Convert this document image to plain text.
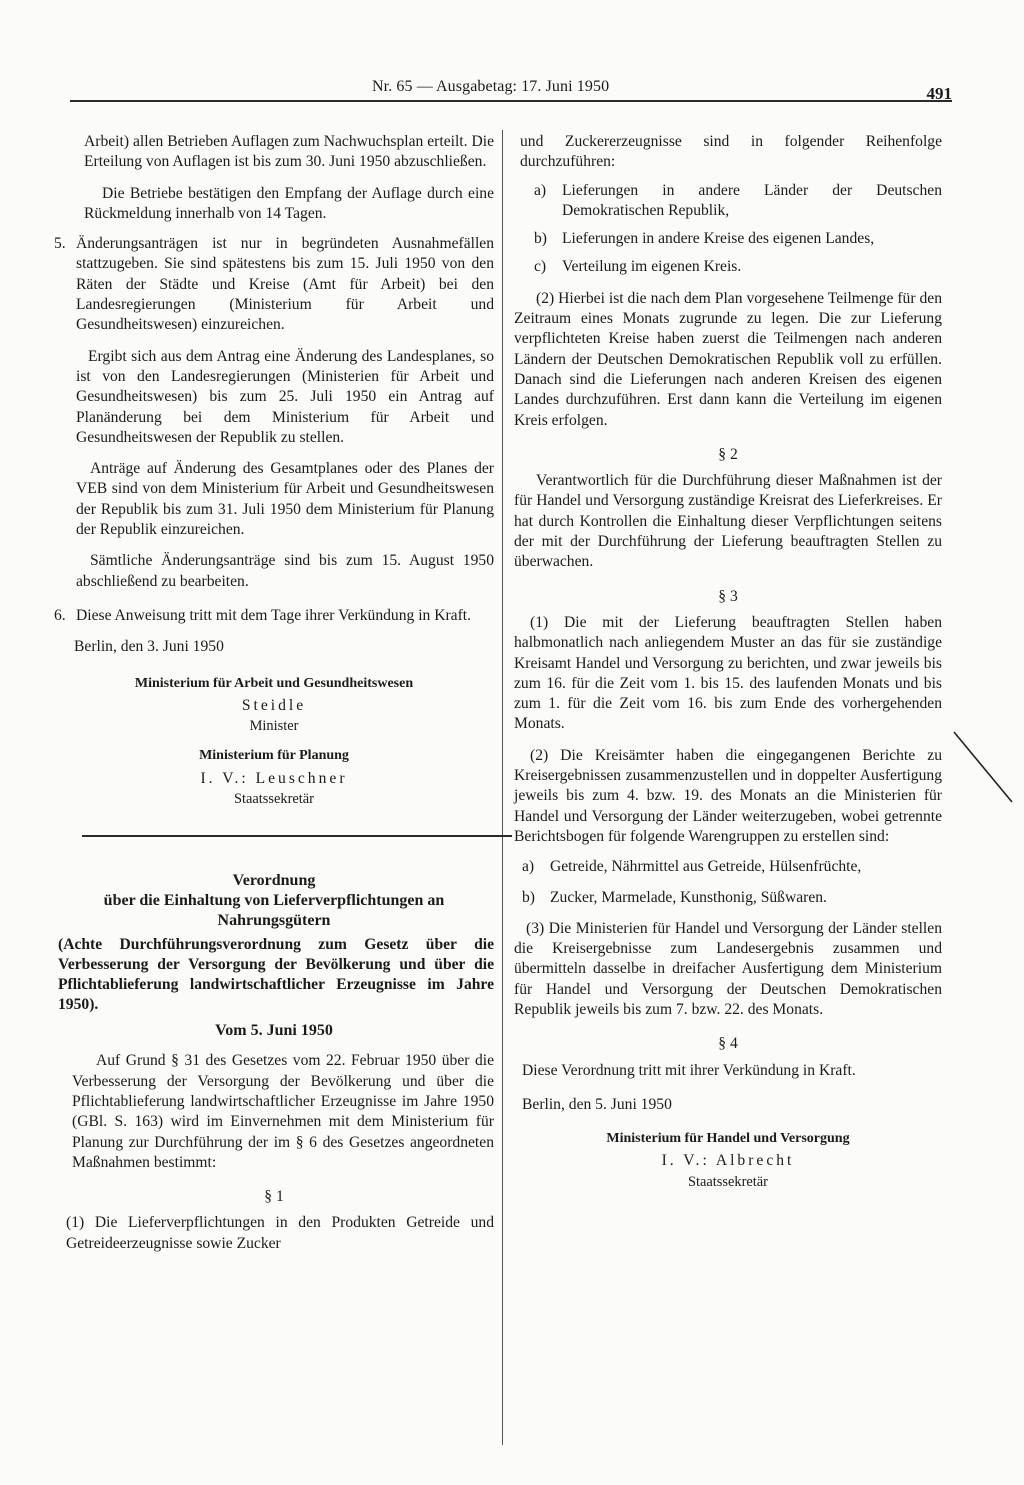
Nr. 65 — Ausgabetag: 17. Juni 1950	491

Arbeit) allen Betrieben Auflagen zum Nachwuchsplan erteilt. Die Erteilung von Auflagen ist bis zum 30. Juni 1950 abzuschließen.

Die Betriebe bestätigen den Empfang der Auflage durch eine Rückmeldung innerhalb von 14 Tagen.

5. Änderungsanträgen ist nur in begründeten Ausnahmefällen stattzugeben. Sie sind spätestens bis zum 15. Juli 1950 von den Räten der Städte und Kreise (Amt für Arbeit) bei den Landesregierungen (Ministerium für Arbeit und Gesundheitswesen) einzureichen.

Ergibt sich aus dem Antrag eine Änderung des Landesplanes, so ist von den Landesregierungen (Ministerien für Arbeit und Gesundheitswesen) bis zum 25. Juli 1950 ein Antrag auf Planänderung bei dem Ministerium für Arbeit und Gesundheitswesen der Republik zu stellen.

Anträge auf Änderung des Gesamtplanes oder des Planes der VEB sind von dem Ministerium für Arbeit und Gesundheitswesen der Republik bis zum 31. Juli 1950 dem Ministerium für Planung der Republik einzureichen.

Sämtliche Änderungsanträge sind bis zum 15. August 1950 abschließend zu bearbeiten.

6. Diese Anweisung tritt mit dem Tage ihrer Verkündung in Kraft.

Berlin, den 3. Juni 1950

Ministerium für Arbeit und Gesundheitswesen
Steidle
Minister
Ministerium für Planung
I. V.: Leuschner
Staatssekretär
Verordnung
über die Einhaltung von Lieferverpflichtungen an Nahrungsgütern
(Achte Durchführungsverordnung zum Gesetz über die Verbesserung der Versorgung der Bevölkerung und über die Pflichtablieferung landwirtschaftlicher Erzeugnisse im Jahre 1950).
Vom 5. Juni 1950

Auf Grund § 31 des Gesetzes vom 22. Februar 1950 über die Verbesserung der Versorgung der Bevölkerung und über die Pflichtablieferung landwirtschaftlicher Erzeugnisse im Jahre 1950 (GBl. S. 163) wird im Einvernehmen mit dem Ministerium für Planung zur Durchführung der im § 6 des Gesetzes angeordneten Maßnahmen bestimmt:

§ 1

(1) Die Lieferverpflichtungen in den Produkten Getreide und Getreideerzeugnisse sowie Zucker

und Zuckererzeugnisse sind in folgender Reihenfolge durchzuführen:

a)	Lieferungen in andere Länder der Deutschen Demokratischen Republik,
b) Lieferungen in andere Kreise des eigenen Landes,
c)	Verteilung im eigenen Kreis.

(2) Hierbei ist die nach dem Plan vorgesehene Teilmenge für den Zeitraum eines Monats zugrunde zu legen. Die zur Lieferung verpflichteten Kreise haben zuerst die Teilmengen nach anderen Ländern der Deutschen Demokratischen Republik voll zu erfüllen. Danach sind die Lieferungen nach anderen Kreisen des eigenen Landes durchzuführen. Erst dann kann die Verteilung im eigenen Kreis erfolgen.

§ 2

Verantwortlich für die Durchführung dieser Maßnahmen ist der für Handel und Versorgung zuständige Kreisrat des Lieferkreises. Er hat durch Kontrollen die Einhaltung dieser Verpflichtungen seitens der mit der Durchführung der Lieferung beauftragten Stellen zu überwachen.

§ 3

(1) Die mit der Lieferung beauftragten Stellen haben halbmonatlich nach anliegendem Muster an das für sie zuständige Kreisamt Handel und Versorgung zu berichten, und zwar jeweils bis zum 16. für die Zeit vom 1. bis 15. des laufenden Monats und bis zum 1. für die Zeit vom 16. bis zum Ende des vorhergehenden Monats.

(2) Die Kreisämter haben die eingegangenen Berichte zu Kreisergebnissen zusammenzustellen und in doppelter Ausfertigung jeweils bis zum 4. bzw. 19. des Monats an die Ministerien für Handel und Versorgung der Länder weiterzugeben, wobei getrennte Berichtsbogen für folgende Warengruppen zu erstellen sind:

a)	Getreide, Nährmittel aus Getreide, Hülsenfrüchte,
b) Zucker, Marmelade, Kunsthonig, Süßwaren.

(3) Die Ministerien für Handel und Versorgung der Länder stellen die Kreisergebnisse zum Landesergebnis zusammen und übermitteln dasselbe in dreifacher Ausfertigung dem Ministerium für Handel und Versorgung der Deutschen Demokratischen Republik jeweils bis zum 7. bzw. 22. des Monats.

§ 4

Diese Verordnung tritt mit ihrer Verkündung in Kraft.

Berlin, den 5. Juni 1950

Ministerium für Handel und Versorgung
I. V.: Albrecht
Staatssekretär
